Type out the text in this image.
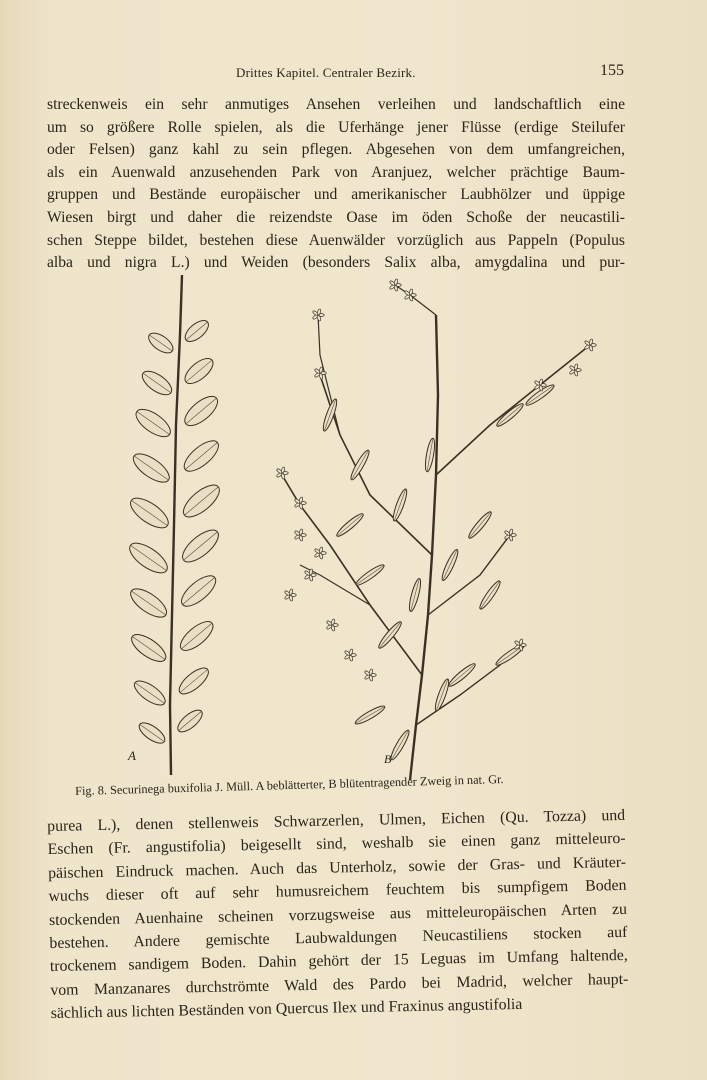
Drittes Kapitel. Centraler Bezirk.	155
streckenweis ein sehr anmutiges Ansehen verleihen und landschaftlich eine
um so größere Rolle spielen, als die Uferhänge jener Flüsse (erdige Steilufer
oder Felsen) ganz kahl zu sein pflegen. Abgesehen von dem umfangreichen,
als ein Auenwald anzusehenden Park von Aranjuez, welcher prächtige Baum-
gruppen und Bestände europäischer und amerikanischer Laubhölzer und üppige
Wiesen birgt und daher die reizendste Oase im öden Schoße der neucastili-
schen Steppe bildet, bestehen diese Auenwälder vorzüglich aus Pappeln (Populus
alba und nigra L.) und Weiden (besonders Salix alba, amygdalina und pur-
A	B
Fig. 8. Securinega buxifolia J. Müll. A beblätterter, B blütentragender Zweig in nat. Gr.
purea L.), denen stellenweis Schwarzerlen, Ulmen, Eichen (Qu. Tozza) und
Eschen (Fr. angustifolia) beigesellt sind, weshalb sie einen ganz mitteleuro-
päischen Eindruck machen. Auch das Unterholz, sowie der Gras- und Kräuter-
wuchs dieser oft auf sehr humusreichem feuchtem bis sumpfigem Boden
stockenden Auenhaine scheinen vorzugsweise aus mitteleuropäischen Arten zu
bestehen. Andere gemischte Laubwaldungen Neucastiliens stocken auf
trockenem sandigem Boden. Dahin gehört der 15 Leguas im Umfang haltende,
vom Manzanares durchströmte Wald des Pardo bei Madrid, welcher haupt-
sächlich aus lichten Beständen von Quercus Ilex und Fraxinus angustifolia
